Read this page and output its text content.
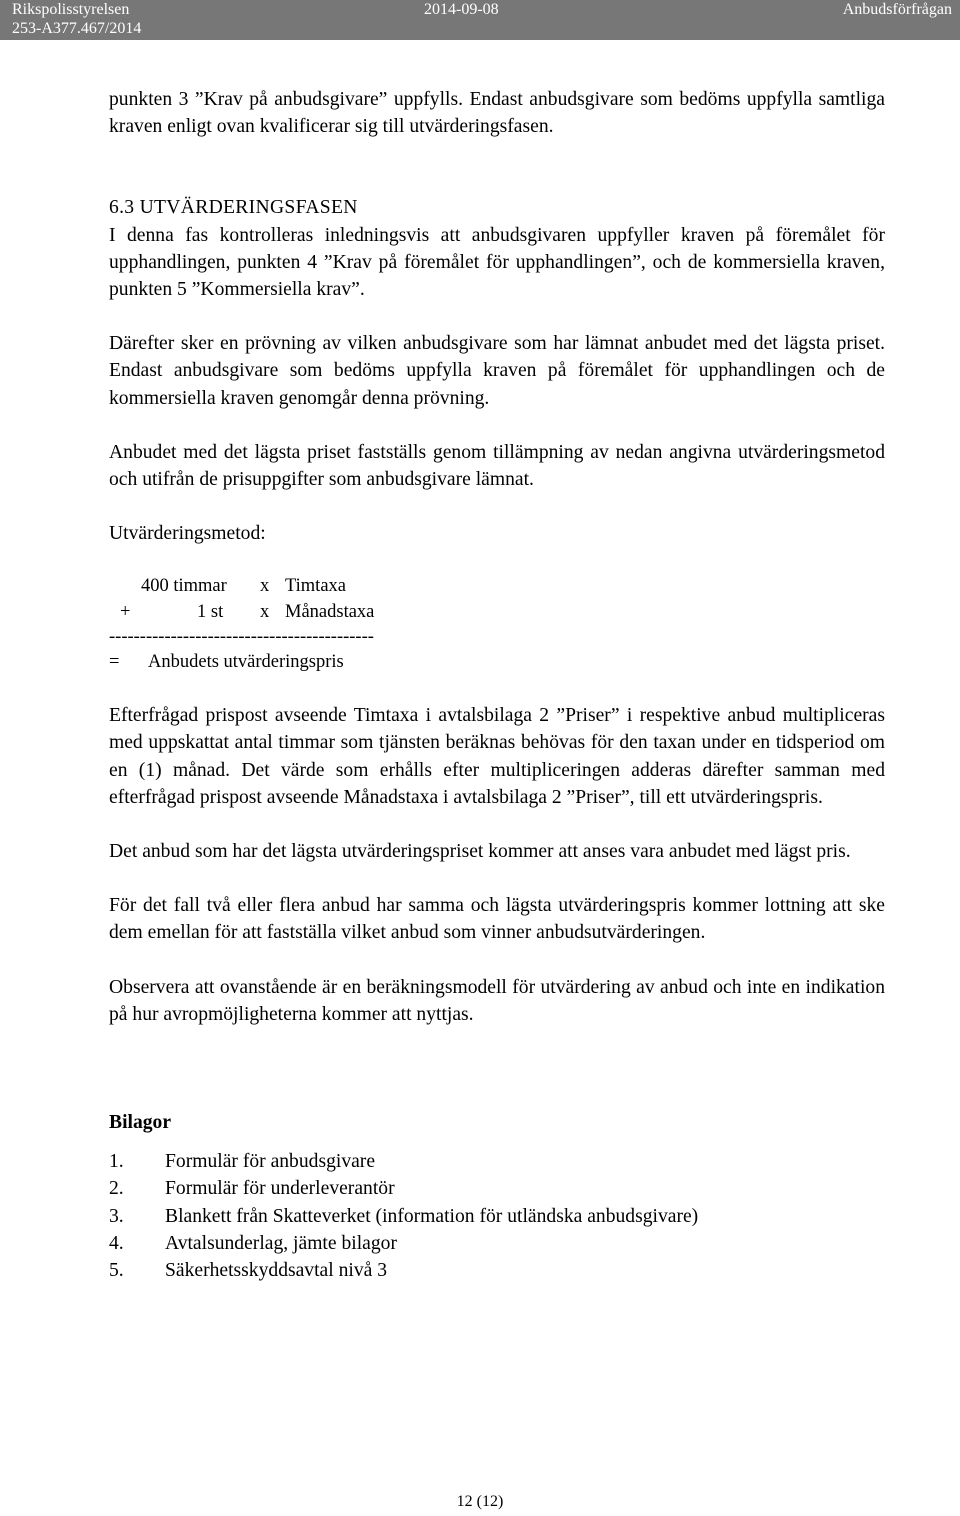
Rikspolisstyrelsen
253-A377.467/2014
2014-09-08	Anbudsförfrågan

punkten 3 ”Krav på anbudsgivare” uppfylls. Endast anbudsgivare som bedöms uppfylla samtliga kraven enligt ovan kvalificerar sig till utvärderingsfasen.

6.3 UTVÄRDERINGSFASEN

I denna fas kontrolleras inledningsvis att anbudsgivaren uppfyller kraven på föremålet för upphandlingen, punkten 4 ”Krav på föremålet för upphandlingen”, och de kommersiella kraven, punkten 5 ”Kommersiella krav”.

Därefter sker en prövning av vilken anbudsgivare som har lämnat anbudet med det lägsta priset. Endast anbudsgivare som bedöms uppfylla kraven på föremålet för upphandlingen och de kommersiella kraven genomgår denna prövning.

Anbudet med det lägsta priset fastställs genom tillämpning av nedan angivna utvärderingsmetod och utifrån de prisuppgifter som anbudsgivare lämnat.

Utvärderingsmetod:

400 timmar

x

Timtaxa

+

	1 st

x

Månadstaxa

-------------------------------------------

=

Anbudets utvärderingspris

Efterfrågad prispost avseende Timtaxa i avtalsbilaga 2 ”Priser” i respektive anbud multipliceras med uppskattat antal timmar som tjänsten beräknas behövas för den taxan under en tidsperiod om en (1) månad. Det värde som erhålls efter multipliceringen adderas därefter samman med efterfrågad prispost avseende Månadstaxa i avtalsbilaga 2 ”Priser”, till ett utvärderingspris.

Det anbud som har det lägsta utvärderingspriset kommer att anses vara anbudet med lägst pris.

För det fall två eller flera anbud har samma och lägsta utvärderingspris kommer lottning att ske dem emellan för att fastställa vilket anbud som vinner anbudsutvärderingen.

Observera att ovanstående är en beräkningsmodell för utvärdering av anbud och inte en indikation på hur avropmöjligheterna kommer att nyttjas.

Bilagor
1. Formulär för anbudsgivare
2. Formulär för underleverantör
3. Blankett från Skatteverket (information för utländska anbudsgivare)
4. Avtalsunderlag, jämte bilagor
5. Säkerhetsskyddsavtal nivå 3
12 (12)
